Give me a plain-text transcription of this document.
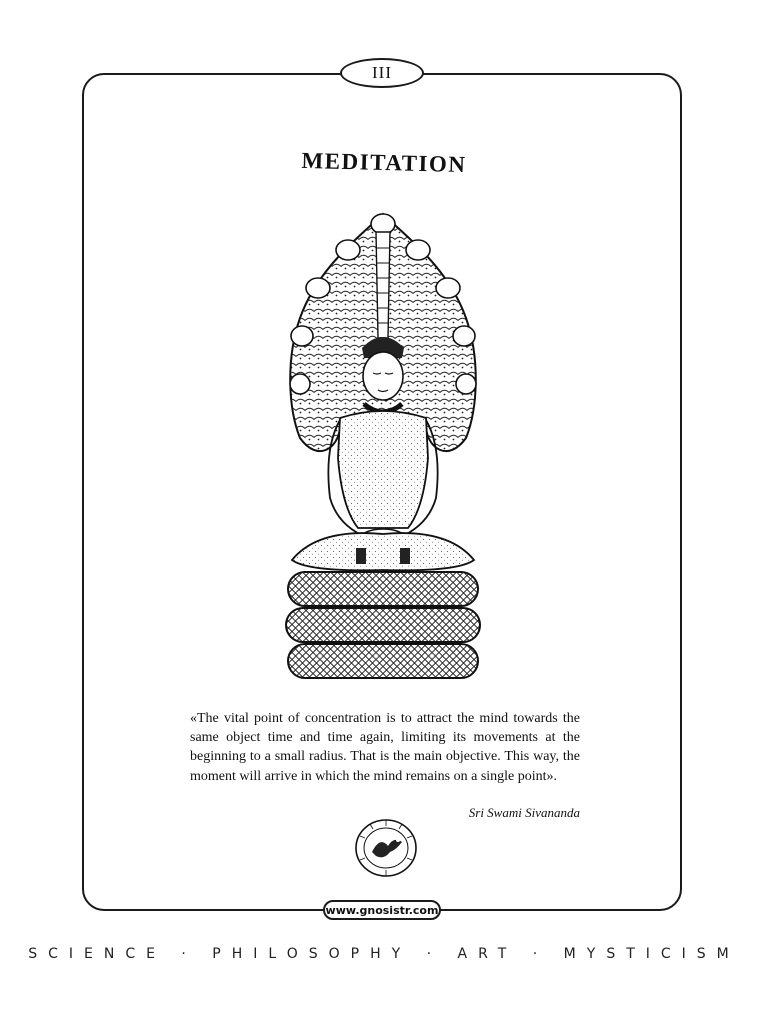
III
MEDITATION

«The vital point of concentration is to attract the mind towards the same object time and time again, limiting its movements at the beginning to a small radius. That is the main objective. This way, the moment will arrive in which the mind remains on a single point».

Sri Swami Sivananda

www.gnosistr.com
SCIENCE · PHILOSOPHY · ART · MYSTICISM
